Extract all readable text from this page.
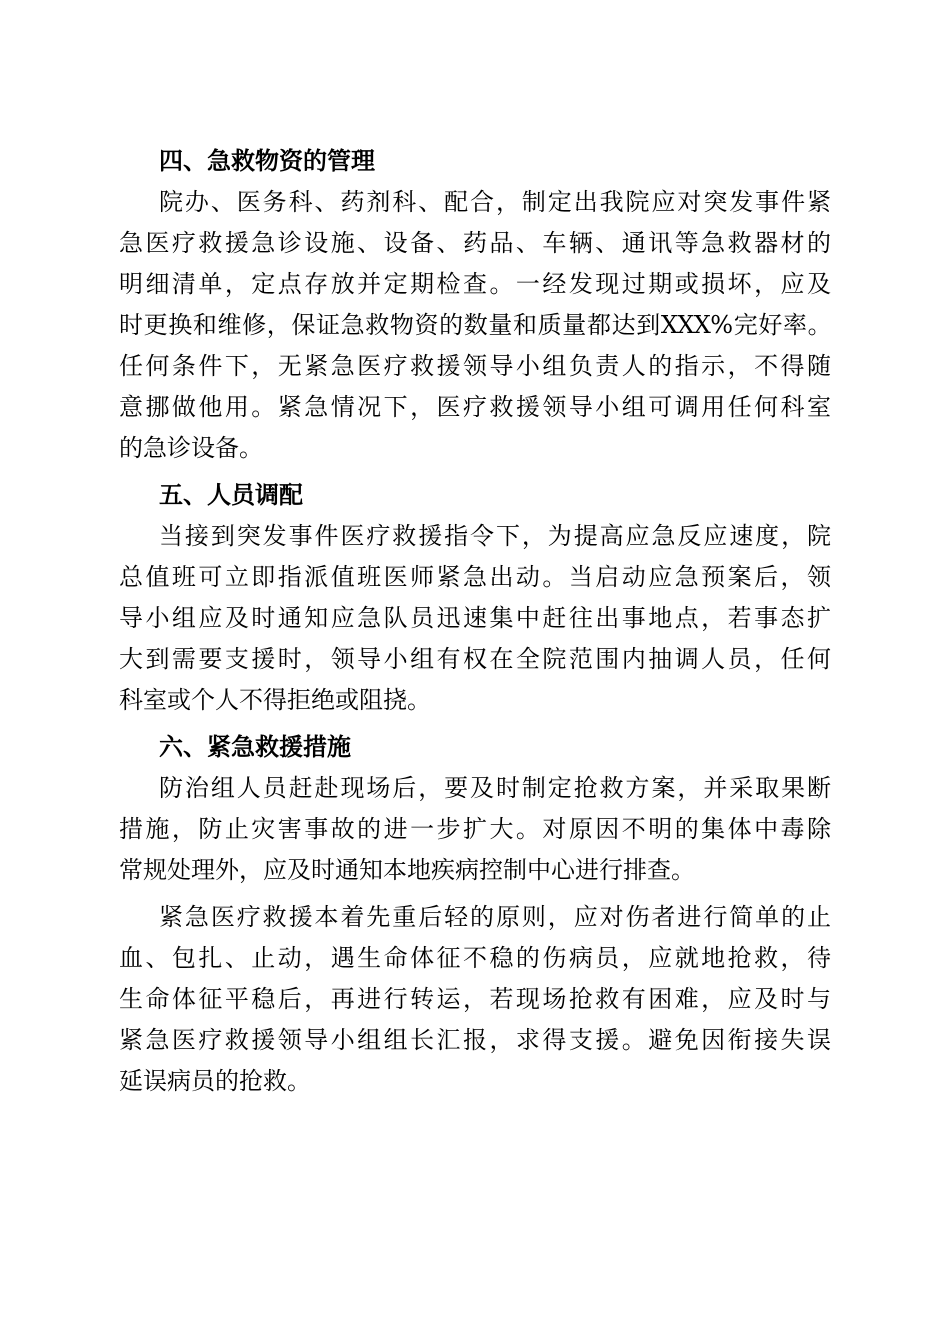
四、急救物资的管理
院办、医务科、药剂科、配合，制定出我院应对突发事件紧
急医疗救援急诊设施、设备、药品、车辆、通讯等急救器材的
明细清单，定点存放并定期检查。一经发现过期或损坏，应及
时更换和维修，保证急救物资的数量和质量都达到XXX%完好率。
任何条件下，无紧急医疗救援领导小组负责人的指示，不得随
意挪做他用。紧急情况下，医疗救援领导小组可调用任何科室
的急诊设备。
五、人员调配
当接到突发事件医疗救援指令下，为提高应急反应速度，院
总值班可立即指派值班医师紧急出动。当启动应急预案后，领
导小组应及时通知应急队员迅速集中赶往出事地点，若事态扩
大到需要支援时，领导小组有权在全院范围内抽调人员，任何
科室或个人不得拒绝或阻挠。
六、紧急救援措施
防治组人员赶赴现场后，要及时制定抢救方案，并采取果断
措施，防止灾害事故的进一步扩大。对原因不明的集体中毒除
常规处理外，应及时通知本地疾病控制中心进行排查。
紧急医疗救援本着先重后轻的原则，应对伤者进行简单的止
血、包扎、止动，遇生命体征不稳的伤病员，应就地抢救，待
生命体征平稳后，再进行转运，若现场抢救有困难，应及时与
紧急医疗救援领导小组组长汇报，求得支援。避免因衔接失误
延误病员的抢救。
